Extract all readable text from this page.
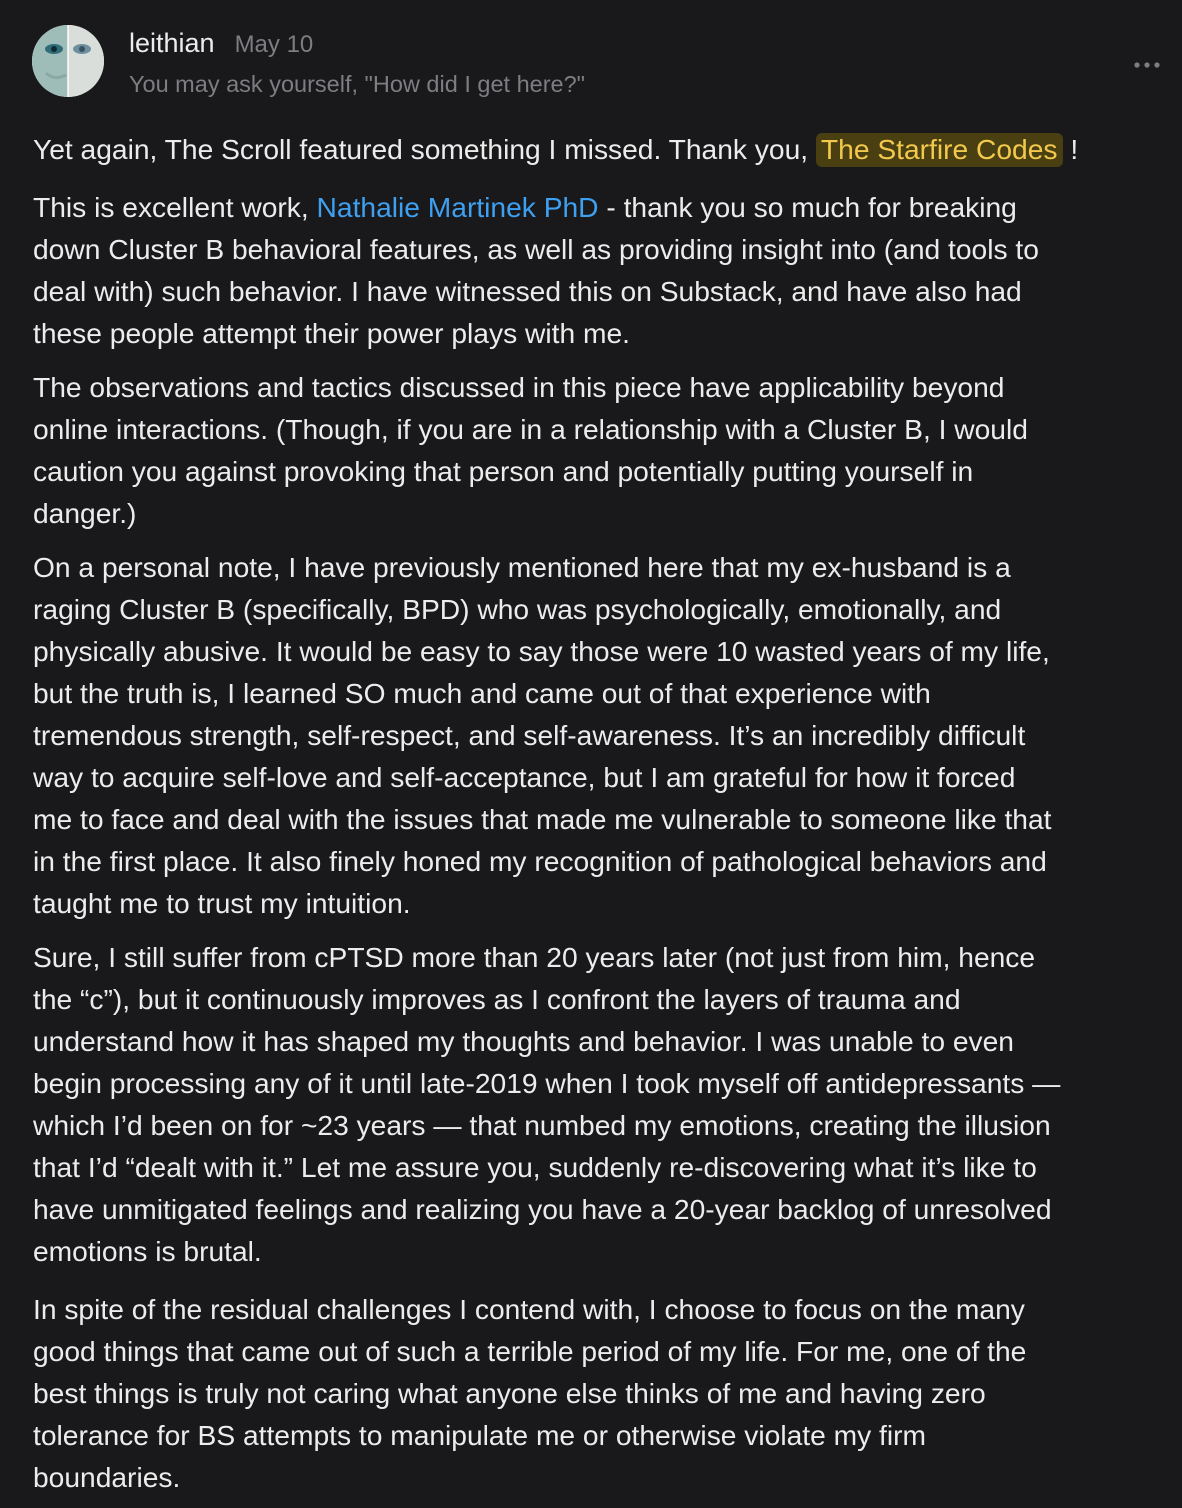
leithian May 10
You may ask yourself, "How did I get here?"

Yet again, The Scroll featured something I missed. Thank you, The Starfire Codes !

This is excellent work, Nathalie Martinek PhD - thank you so much for breaking
down Cluster B behavioral features, as well as providing insight into (and tools to
deal with) such behavior. I have witnessed this on Substack, and have also had
these people attempt their power plays with me.

The observations and tactics discussed in this piece have applicability beyond
online interactions. (Though, if you are in a relationship with a Cluster B, I would
caution you against provoking that person and potentially putting yourself in
danger.)

On a personal note, I have previously mentioned here that my ex-husband is a
raging Cluster B (specifically, BPD) who was psychologically, emotionally, and
physically abusive. It would be easy to say those were 10 wasted years of my life,
but the truth is, I learned SO much and came out of that experience with
tremendous strength, self-respect, and self-awareness. It’s an incredibly difficult
way to acquire self-love and self-acceptance, but I am grateful for how it forced
me to face and deal with the issues that made me vulnerable to someone like that
in the first place. It also finely honed my recognition of pathological behaviors and
taught me to trust my intuition.

Sure, I still suffer from cPTSD more than 20 years later (not just from him, hence
the “c”), but it continuously improves as I confront the layers of trauma and
understand how it has shaped my thoughts and behavior. I was unable to even
begin processing any of it until late-2019 when I took myself off antidepressants —
which I’d been on for ~23 years — that numbed my emotions, creating the illusion
that I’d “dealt with it.” Let me assure you, suddenly re-discovering what it’s like to
have unmitigated feelings and realizing you have a 20-year backlog of unresolved
emotions is brutal.

In spite of the residual challenges I contend with, I choose to focus on the many
good things that came out of such a terrible period of my life. For me, one of the
best things is truly not caring what anyone else thinks of me and having zero
tolerance for BS attempts to manipulate me or otherwise violate my firm
boundaries.
